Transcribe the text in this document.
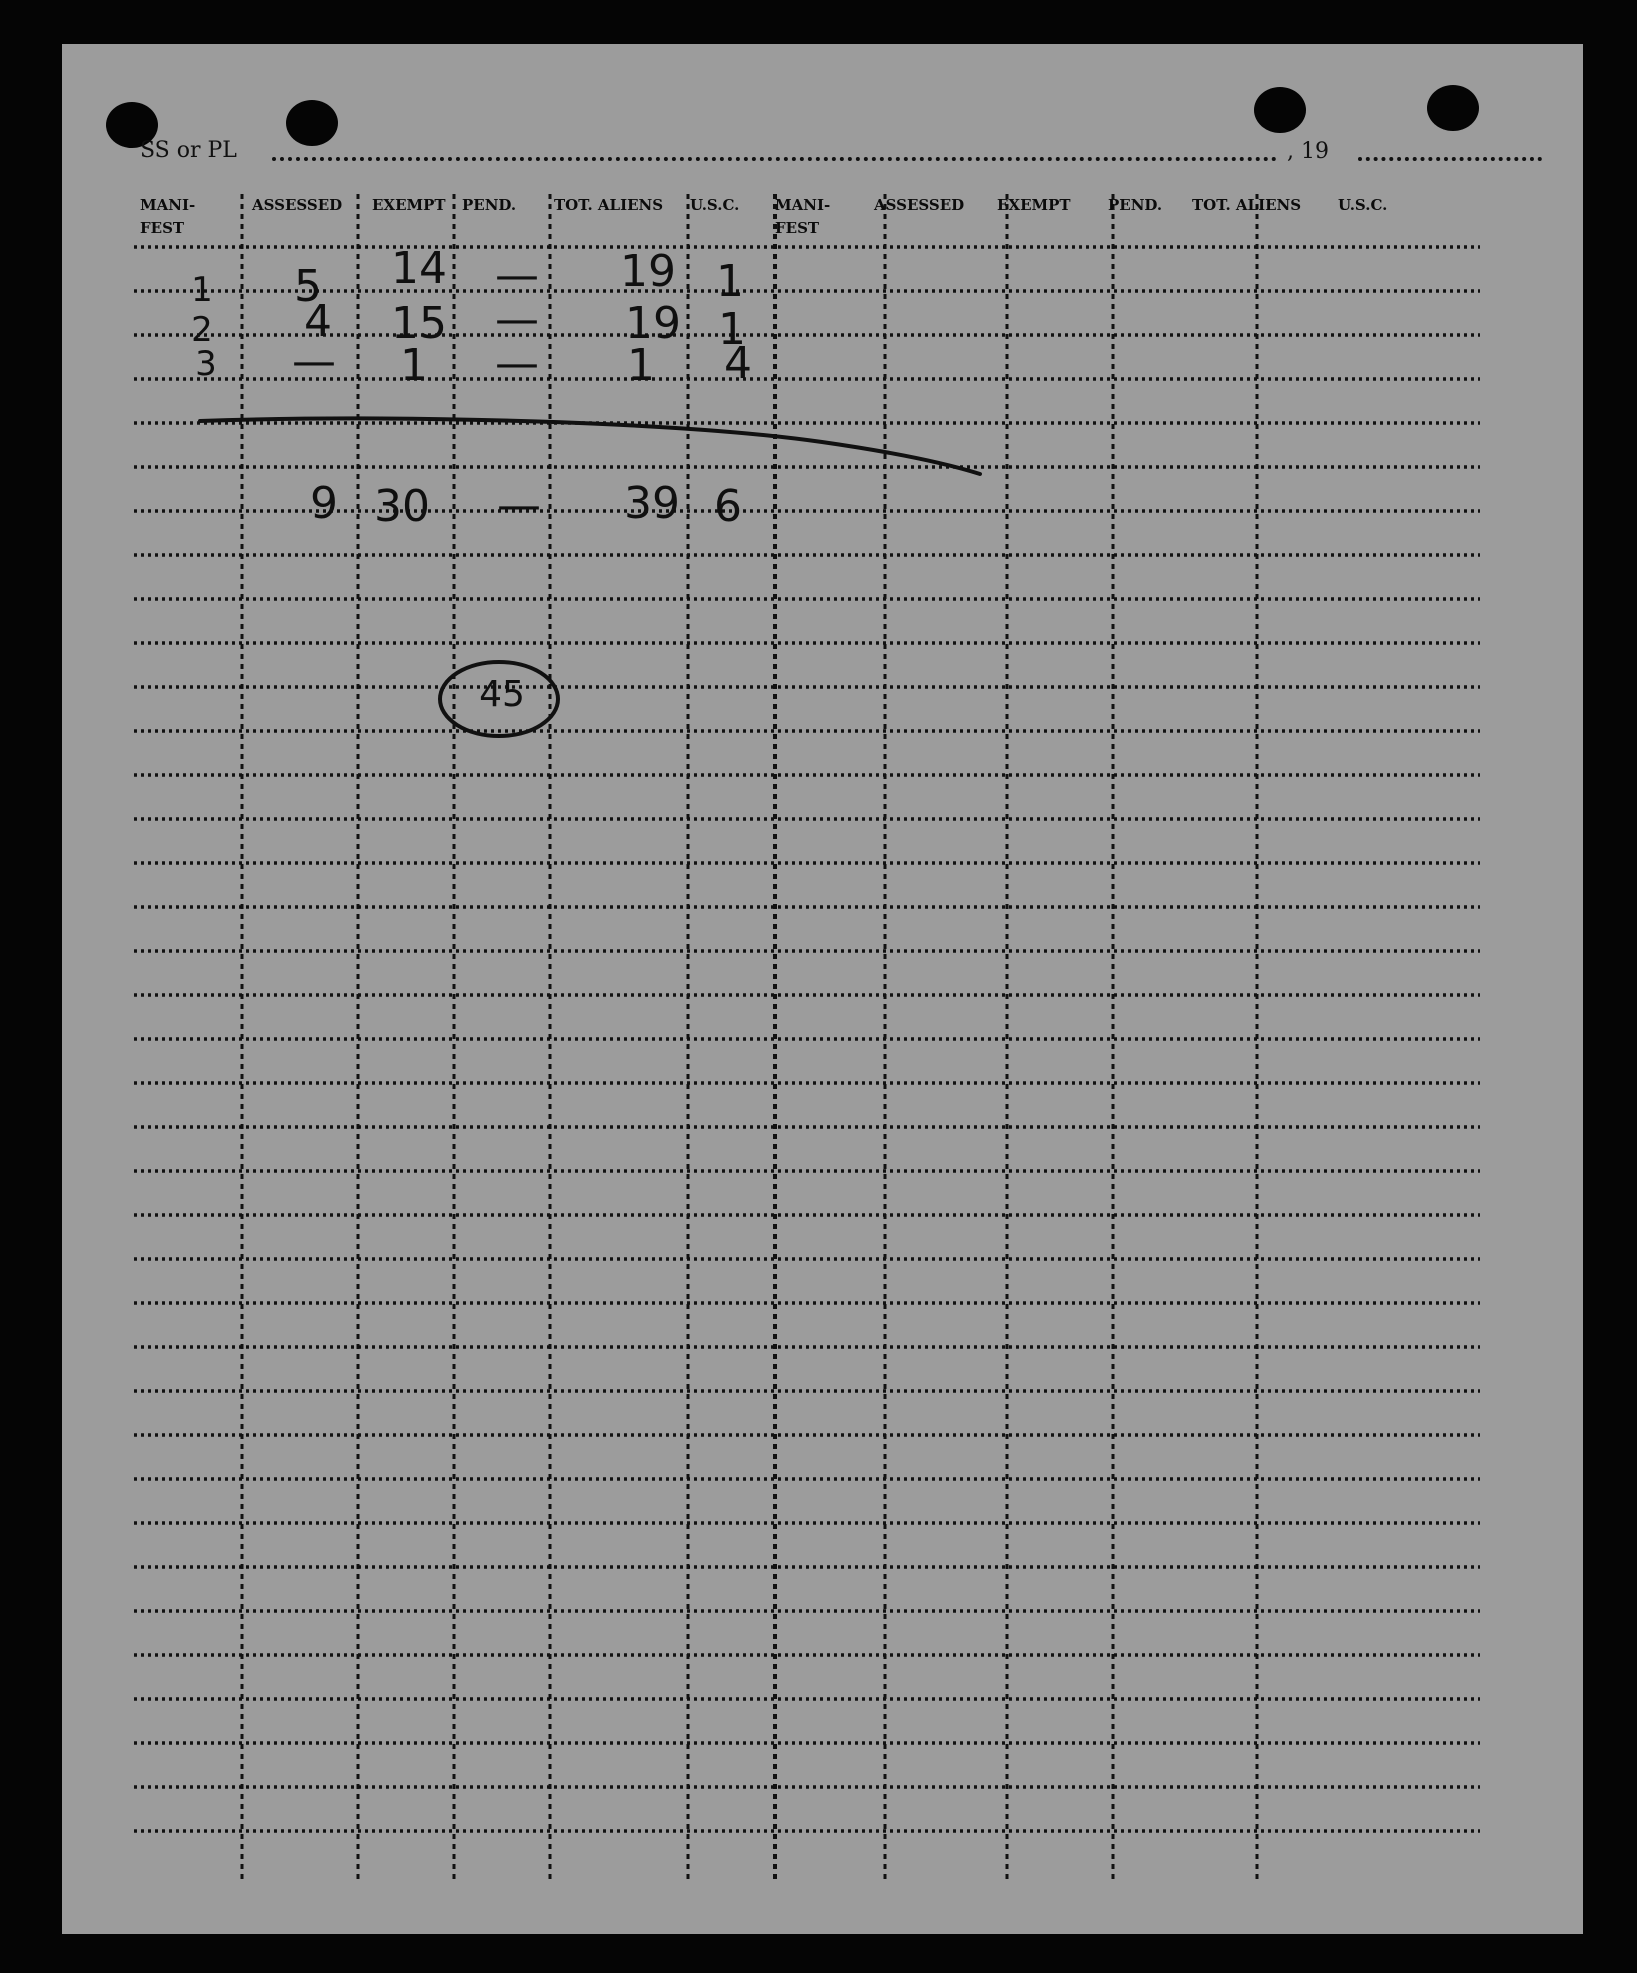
SS or PL	, 19
MANI-
FEST
ASSESSED EXEMPT PEND.	TOT. ALIENS U.S.C. MANI-
FEST
ASSESSED EXEMPT PEND. TOT. ALIENS U.S.C.
1 5 14 — 19 1
2 4 15 — 19 1
3 — 1 — 1 4
9 30 — 39 6
45
